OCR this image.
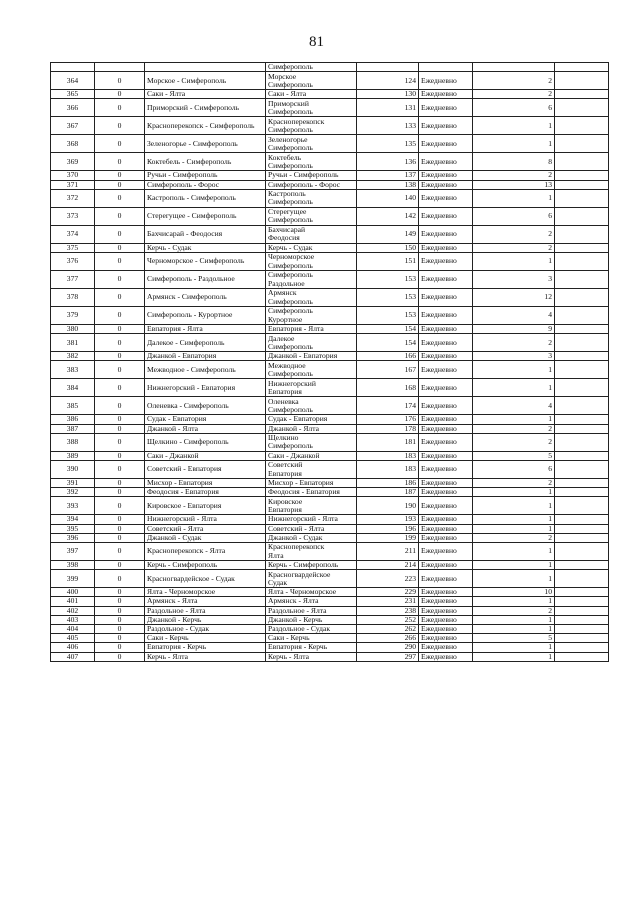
81
			Симферополь				
364	0	Морское - Симферополь	Морское
Симферополь	124	Ежедневно	2	
365	0	Саки - Ялта	Саки - Ялта	130	Ежедневно	2	
366	0	Приморский - Симферополь	Приморский
Симферополь	131	Ежедневно	6	
367	0	Красноперекопск - Симферополь	Красноперекопск
Симферополь	133	Ежедневно	1	
368	0	Зеленогорье - Симферополь	Зеленогорье
Симферополь	135	Ежедневно	1	
369	0	Коктебель - Симферополь	Коктебель
Симферополь	136	Ежедневно	8	
370	0	Ручьи - Симферополь	Ручьи - Симферополь	137	Ежедневно	2	
371	0	Симферополь - Форос	Симферополь - Форос	138	Ежедневно	13	
372	0	Кастрополь - Симферополь	Кастрополь
Симферополь	140	Ежедневно	1	
373	0	Стерегущее - Симферополь	Стерегущее
Симферополь	142	Ежедневно	6	
374	0	Бахчисарай - Феодосия	Бахчисарай
Феодосия	149	Ежедневно	2	
375	0	Керчь - Судак	Керчь - Судак	150	Ежедневно	2	
376	0	Черноморское - Симферополь	Черноморское
Симферополь	151	Ежедневно	1	
377	0	Симферополь - Раздольное	Симферополь
Раздольное	153	Ежедневно	3	
378	0	Армянск - Симферополь	Армянск
Симферополь	153	Ежедневно	12	
379	0	Симферополь - Курортное	Симферополь
Курортное	153	Ежедневно	4	
380	0	Евпатория - Ялта	Евпатория - Ялта	154	Ежедневно	9	
381	0	Далекое - Симферополь	Далекое
Симферополь	154	Ежедневно	2	
382	0	Джанкой - Евпатория	Джанкой - Евпатория	166	Ежедневно	3	
383	0	Межводное - Симферополь	Межводное
Симферополь	167	Ежедневно	1	
384	0	Нижнегорский - Евпатория	Нижнегорский
Евпатория	168	Ежедневно	1	
385	0	Оленевка - Симферополь	Оленевка
Симферополь	174	Ежедневно	4	
386	0	Судак - Евпатория	Судак - Евпатория	176	Ежедневно	1	
387	0	Джанкой - Ялта	Джанкой - Ялта	178	Ежедневно	2	
388	0	Щелкино - Симферополь	Щелкино
Симферополь	181	Ежедневно	2	
389	0	Саки - Джанкой	Саки - Джанкой	183	Ежедневно	5	
390	0	Советский - Евпатория	Советский
Евпатория	183	Ежедневно	6	
391	0	Мисхор - Евпатория	Мисхор - Евпатория	186	Ежедневно	2	
392	0	Феодосия - Евпатория	Феодосия - Евпатория	187	Ежедневно	1	
393	0	Кировское - Евпатория	Кировское
Евпатория	190	Ежедневно	1	
394	0	Нижнегорский - Ялта	Нижнегорский - Ялта	193	Ежедневно	1	
395	0	Советский - Ялта	Советский - Ялта	196	Ежедневно	1	
396	0	Джанкой - Судак	Джанкой - Судак	199	Ежедневно	2	
397	0	Красноперекопск - Ялта	Красноперекопск
Ялта	211	Ежедневно	1	
398	0	Керчь - Симферополь	Керчь - Симферополь	214	Ежедневно	1	
399	0	Красногвардейское - Судак	Красногвардейское
Судак	223	Ежедневно	1	
400	0	Ялта - Черноморское	Ялта - Черноморское	229	Ежедневно	10	
401	0	Армянск - Ялта	Армянск - Ялта	231	Ежедневно	1	
402	0	Раздольное - Ялта	Раздольное - Ялта	238	Ежедневно	2	
403	0	Джанкой - Керчь	Джанкой - Керчь	252	Ежедневно	1	
404	0	Раздольное - Судак	Раздольное - Судак	262	Ежедневно	1	
405	0	Саки - Керчь	Саки - Керчь	266	Ежедневно	5	
406	0	Евпатория - Керчь	Евпатория - Керчь	290	Ежедневно	1	
407	0	Керчь - Ялта	Керчь - Ялта	297	Ежедневно	1	
